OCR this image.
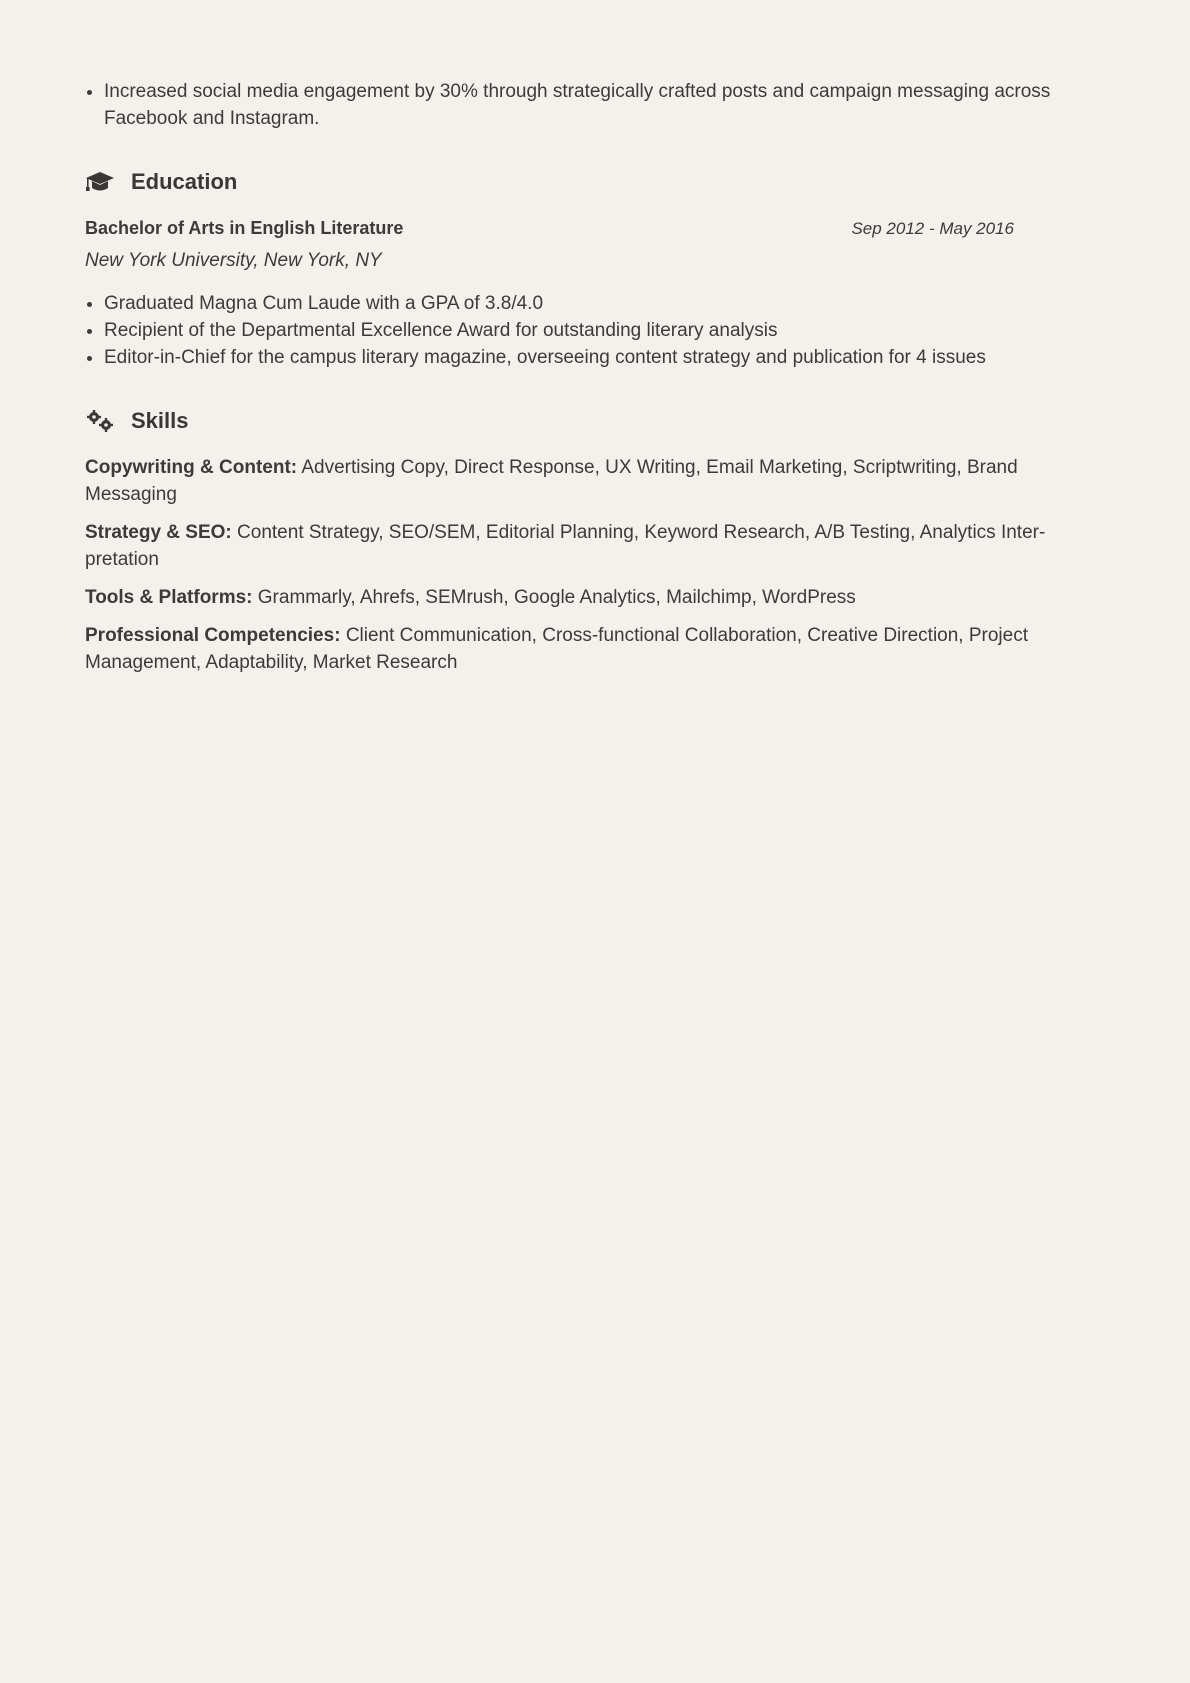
• Increased social media engagement by 30% through strategically crafted posts and campaign messaging across Facebook and Instagram.
Education
Bachelor of Arts in English Literature	Sep 2012 - May 2016
New York University, New York, NY
• Graduated Magna Cum Laude with a GPA of 3.8/4.0
• Recipient of the Departmental Excellence Award for outstanding literary analysis
• Editor-in-Chief for the campus literary magazine, overseeing content strategy and publication for 4 issues
Skills
Copywriting & Content: Advertising Copy, Direct Response, UX Writing, Email Marketing, Scriptwriting, Brand Messaging
Strategy & SEO: Content Strategy, SEO/SEM, Editorial Planning, Keyword Research, A/B Testing, Analytics Interpretation
Tools & Platforms: Grammarly, Ahrefs, SEMrush, Google Analytics, Mailchimp, WordPress
Professional Competencies: Client Communication, Cross-functional Collaboration, Creative Direction, Project Management, Adaptability, Market Research
